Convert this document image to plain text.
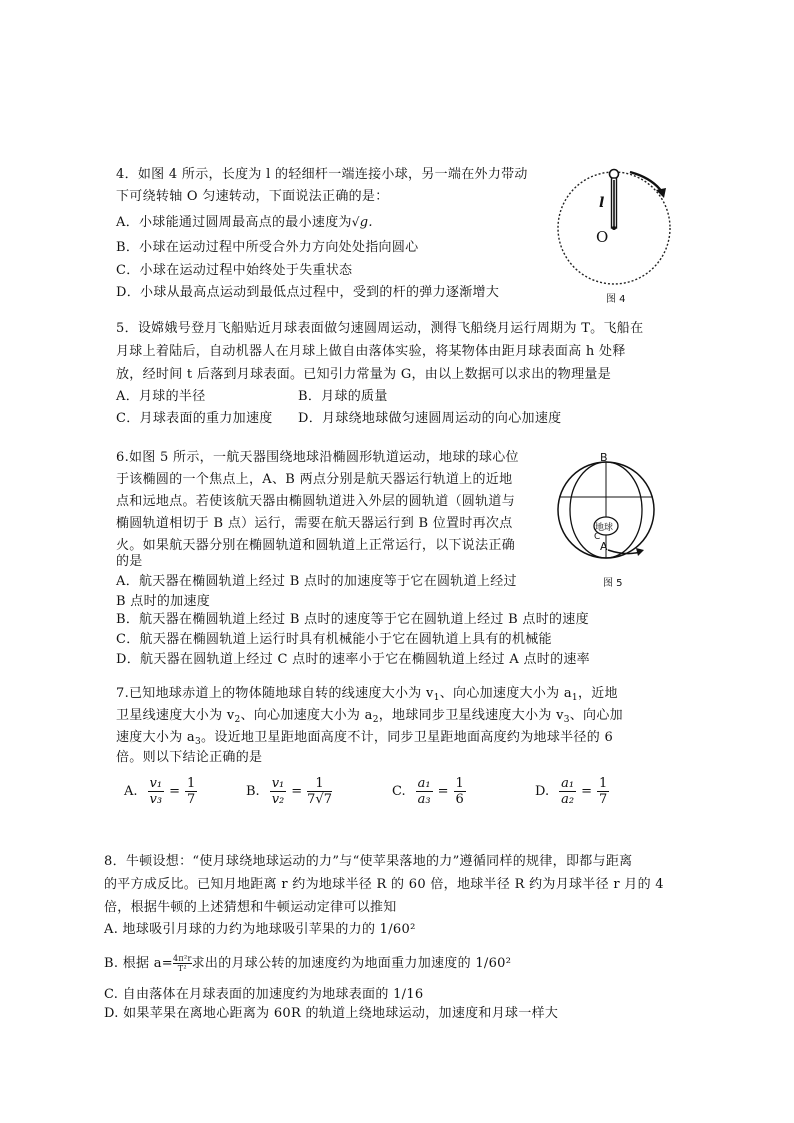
4．如图 4 所示，长度为 l 的轻细杆一端连接小球，另一端在外力带动
下可绕转轴 O 匀速转动，下面说法正确的是：
A．小球能通过圆周最高点的最小速度为√g.
B．小球在运动过程中所受合外力方向处处指向圆心
C．小球在运动过程中始终处于失重状态
D．小球从最高点运动到最低点过程中，受到的杆的弹力逐渐增大
l
O
图 4
5．设嫦娥号登月飞船贴近月球表面做匀速圆周运动，测得飞船绕月运行周期为 T。飞船在
月球上着陆后，自动机器人在月球上做自由落体实验，将某物体由距月球表面高 h 处释
放，经时间 t 后落到月球表面。已知引力常量为 G，由以上数据可以求出的物理量是
A．月球的半径	B．月球的质量
C．月球表面的重力加速度 D．月球绕地球做匀速圆周运动的向心加速度
6.如图 5 所示，一航天器围绕地球沿椭圆形轨道运动，地球的球心位
于该椭圆的一个焦点上，A、B 两点分别是航天器运行轨道上的近地
点和远地点。若使该航天器由椭圆轨道进入外层的圆轨道（圆轨道与
椭圆轨道相切于 B 点）运行，需要在航天器运行到 B 位置时再次点
火。如果航天器分别在椭圆轨道和圆轨道上正常运行，以下说法正确
的是
A．航天器在椭圆轨道上经过 B 点时的加速度等于它在圆轨道上经过
B 点时的加速度
B．航天器在椭圆轨道上经过 B 点时的速度等于它在圆轨道上经过 B 点时的速度
C．航天器在椭圆轨道上运行时具有机械能小于它在圆轨道上具有的机械能
D．航天器在圆轨道上经过 C 点时的速率小于它在椭圆轨道上经过 A 点时的速率
B
A
C
地球
图 5
7.已知地球赤道上的物体随地球自转的线速度大小为 $v_1$、向心加速度大小为 $a_1$，近地
卫星线速度大小为 $v_2$、向心加速度大小为 $a_2$，地球同步卫星线速度大小为 $v_3$、向心加
速度大小为 $a_3$。设近地卫星距地面高度不计，同步卫星距地面高度约为地球半径的 6
倍。则以下结论正确的是
A. $\frac{\text{v₁}}{\text{v₃}} = \frac{1}{7}$	B. $\frac{\text{v₁}}{\text{v₂}} = \frac{1}{7√7}$	C. $\frac{\text{a₁}}{\text{a₃}} = \frac{1}{6}$	D. $\frac{\text{a₁}}{\text{a₂}} = \frac{1}{7}$
8．牛顿设想：“使月球绕地球运动的力”与“使苹果落地的力”遵循同样的规律，即都与距离
的平方成反比。已知月地距离 r 约为地球半径 R 的 60 倍，地球半径 R 约为月球半径 r 月的 4
倍，根据牛顿的上述猜想和牛顿运动定律可以推知
A. 地球吸引月球的力约为地球吸引苹果的力的 1/60²
B. 根据 $a= \frac{\text{4π²r}}{\text{T²}}$ 求出的月球公转的加速度约为地面重力加速度的 1/60²
C. 自由落体在月球表面的加速度约为地球表面的 1/16
D. 如果苹果在离地心距离为 60R 的轨道上绕地球运动，加速度和月球一样大
